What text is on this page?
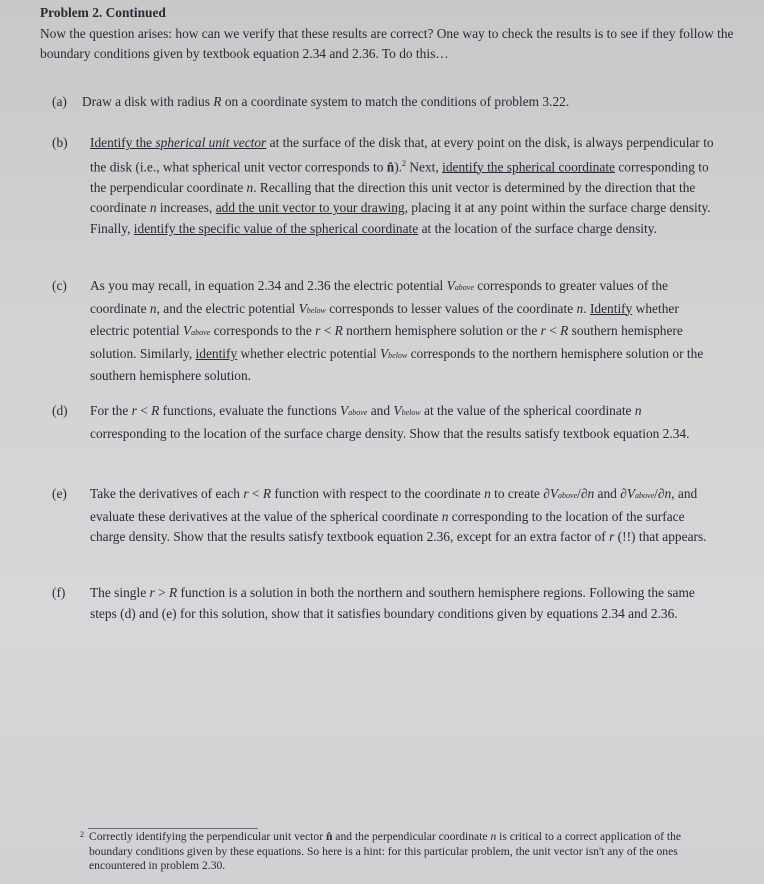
Problem 2. Continued
Now the question arises: how can we verify that these results are correct? One way to check the results is to see if they follow the boundary conditions given by textbook equation 2.34 and 2.36. To do this…
(a)	Draw a disk with radius R on a coordinate system to match the conditions of problem 3.22.
(b)	Identify the spherical unit vector at the surface of the disk that, at every point on the disk, is always perpendicular to the disk (i.e., what spherical unit vector corresponds to n̂).$^2$ Next, identify the spherical coordinate corresponding to the perpendicular coordinate n. Recalling that the direction this unit vector is determined by the direction that the coordinate n increases, add the unit vector to your drawing, placing it at any point within the surface charge density. Finally, identify the specific value of the spherical coordinate at the location of the surface charge density.
(c)	As you may recall, in equation 2.34 and 2.36 the electric potential Vabove corresponds to greater values of the coordinate n, and the electric potential Vbelow corresponds to lesser values of the coordinate n. Identify whether electric potential Vabove corresponds to the r < R northern hemisphere solution or the r < R southern hemisphere solution. Similarly, identify whether electric potential Vbelow corresponds to the northern hemisphere solution or the southern hemisphere solution.
(d)	For the r < R functions, evaluate the functions Vabove and Vbelow at the value of the spherical coordinate n corresponding to the location of the surface charge density. Show that the results satisfy textbook equation 2.34.
(e)	Take the derivatives of each r < R function with respect to the coordinate n to create ∂Vabove/∂n and ∂Vabove/∂n, and evaluate these derivatives at the value of the spherical coordinate n corresponding to the location of the surface charge density. Show that the results satisfy textbook equation 2.36, except for an extra factor of r (!!) that appears.
(f)	The single r > R function is a solution in both the northern and southern hemisphere regions. Following the same steps (d) and (e) for this solution, show that it satisfies boundary conditions given by equations 2.34 and 2.36.
2 Correctly identifying the perpendicular unit vector n̂ and the perpendicular coordinate n is critical to a correct application of the boundary conditions given by these equations. So here is a hint: for this particular problem, the unit vector isn't any of the ones encountered in problem 2.30.
